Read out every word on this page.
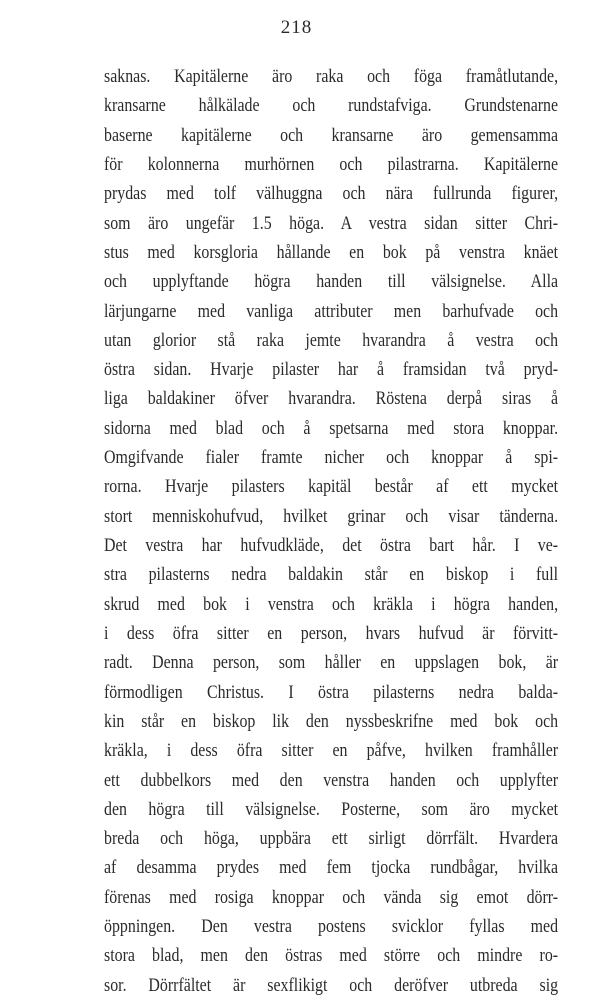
218
saknas. Kapitälerne äro raka och föga framåtlutande,
kransarne hålkälade och rundstafviga. Grundstenarne
baserne kapitälerne och kransarne äro gemensamma
för kolonnerna murhörnen och pilastrarna. Kapitälerne
prydas med tolf välhuggna och nära fullrunda figurer,
som äro ungefär 1.5 höga. A vestra sidan sitter Chri-
stus med korsgloria hållande en bok på venstra knäet
och upplyftande högra handen till välsignelse. Alla
lärjungarne med vanliga attributer men barhufvade och
utan glorior stå raka jemte hvarandra å vestra och
östra sidan. Hvarje pilaster har å framsidan två pryd-
liga baldakiner öfver hvarandra. Röstena derpå siras å
sidorna med blad och å spetsarna med stora knoppar.
Omgifvande fialer framte nicher och knoppar å spi-
rorna. Hvarje pilasters kapitäl består af ett mycket
stort menniskohufvud, hvilket grinar och visar tänderna.
Det vestra har hufvudkläde, det östra bart hår. I ve-
stra pilasterns nedra baldakin står en biskop i full
skrud med bok i venstra och kräkla i högra handen,
i dess öfra sitter en person, hvars hufvud är förvitt-
radt. Denna person, som håller en uppslagen bok, är
förmodligen Christus. I östra pilasterns nedra balda-
kin står en biskop lik den nyssbeskrifne med bok och
kräkla, i dess öfra sitter en påfve, hvilken framhåller
ett dubbelkors med den venstra handen och upplyfter
den högra till välsignelse. Posterne, som äro mycket
breda och höga, uppbära ett sirligt dörrfält. Hvardera
af desamma prydes med fem tjocka rundbågar, hvilka
förenas med rosiga knoppar och vända sig emot dörr-
öppningen. Den vestra postens svicklor fyllas med
stora blad, men den östras med större och mindre ro-
sor. Dörrfältet är sexflikigt och deröfver utbreda sig
